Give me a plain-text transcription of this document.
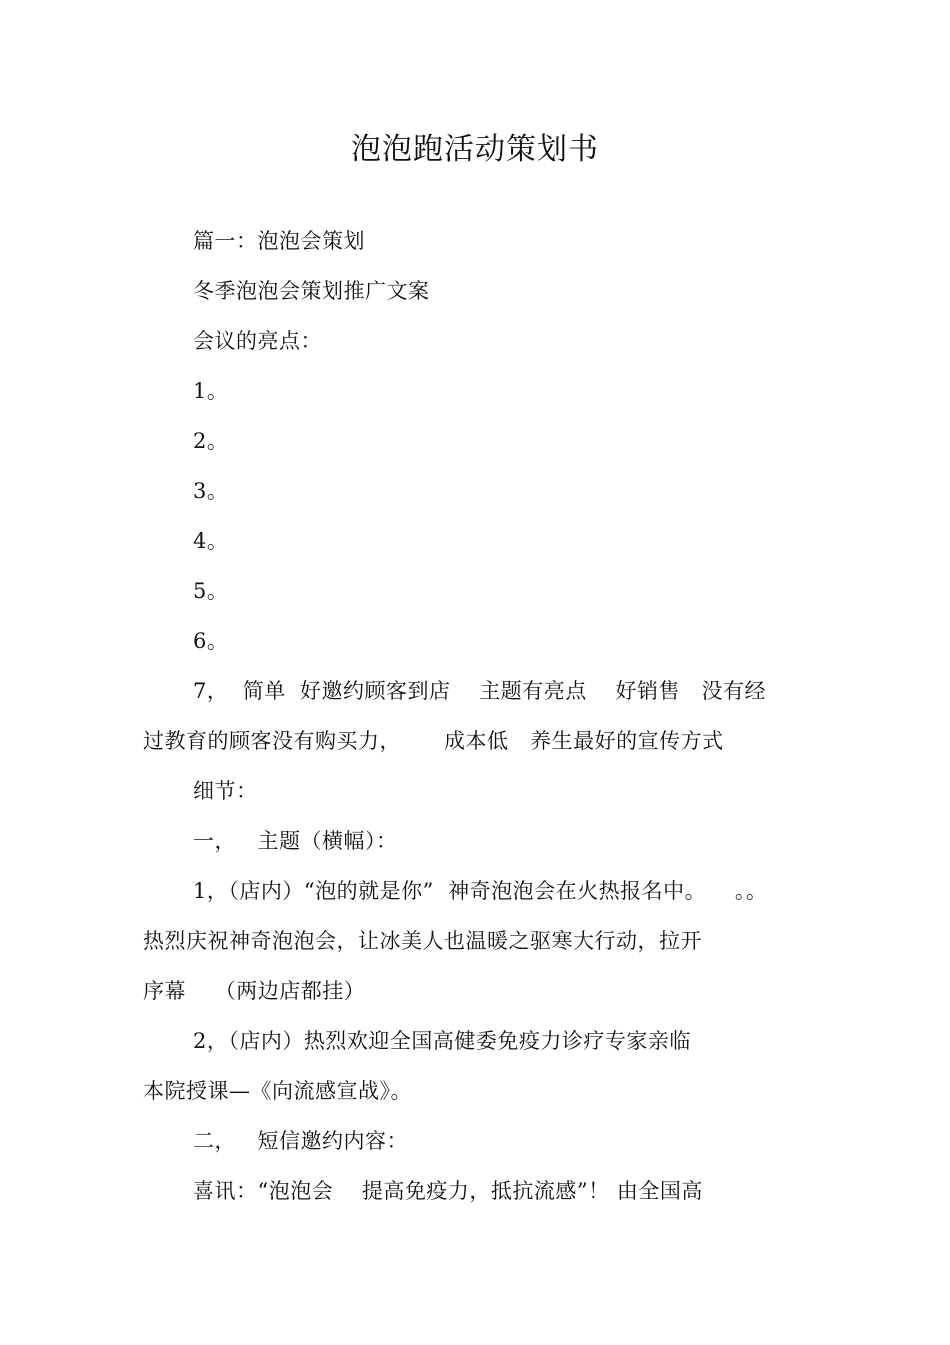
泡泡跑活动策划书
篇一：泡泡会策划
冬季泡泡会策划推广文案
会议的亮点：
1。
2。
3。
4。
5。
6。
7，  简单  好邀约顾客到店    主题有亮点    好销售   没有经
过教育的顾客没有购买力，      成本低   养生最好的宣传方式
细节：
一，   主题（横幅）：
1，（店内）“泡的就是你”  神奇泡泡会在火热报名中。    。。
热烈庆祝神奇泡泡会，让冰美人也温暖之驱寒大行动，拉开
序幕    （两边店都挂）
2，（店内）热烈欢迎全国高健委免疫力诊疗专家亲临
本院授课—《向流感宣战》。
二，   短信邀约内容：
喜讯：“泡泡会    提高免疫力，抵抗流感”！ 由全国高
